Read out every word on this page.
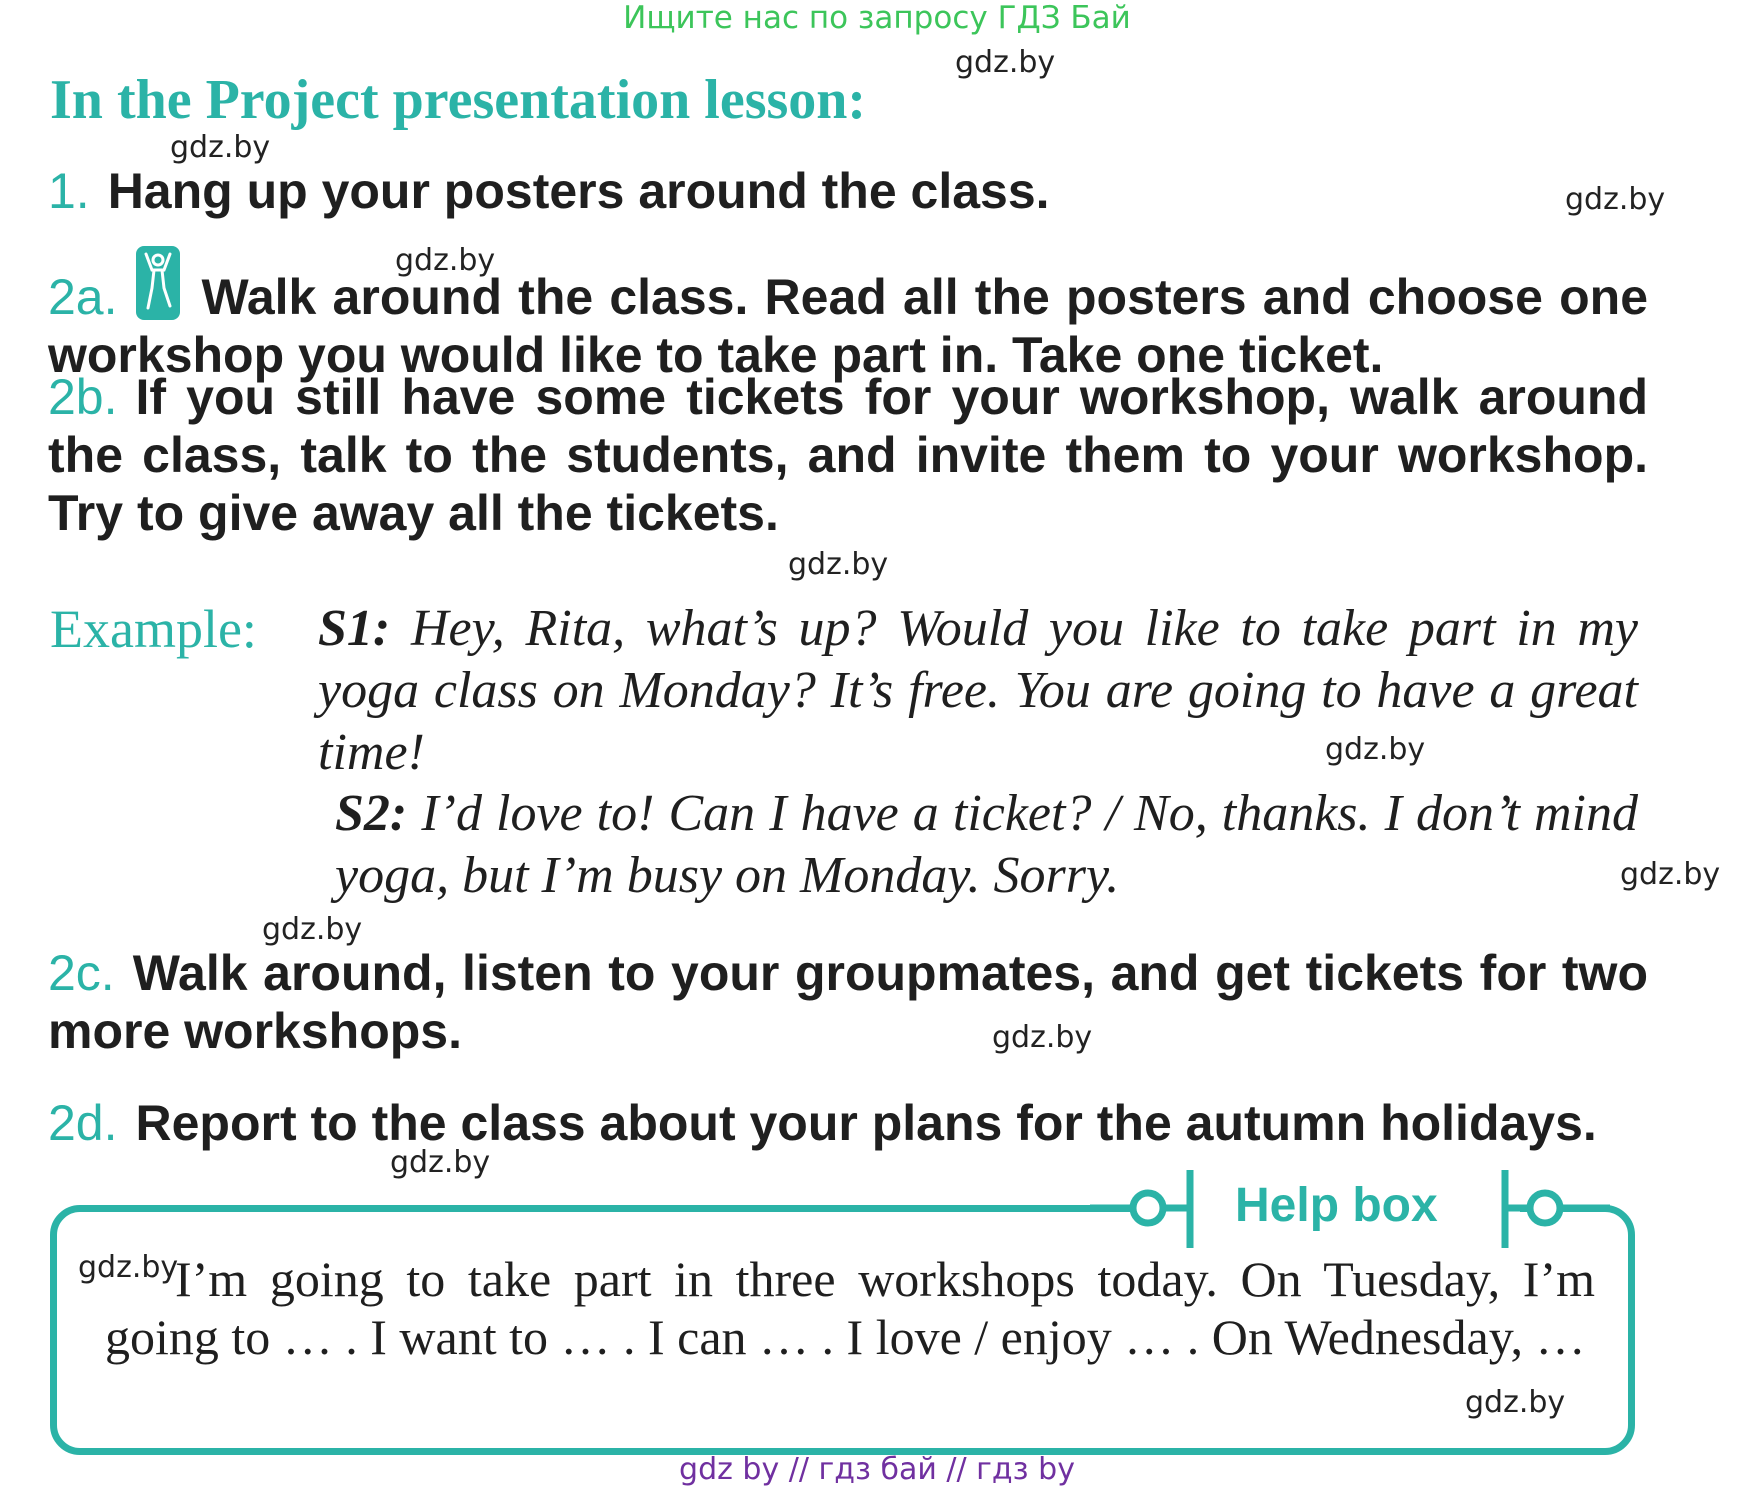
Ищите нас по запросу ГДЗ Бай
In the Project presentation lesson:
1. Hang up your posters around the class.
2a. Walk around the class. Read all the posters and choose one workshop you would like to take part in. Take one ticket.
2b. If you still have some tickets for your workshop, walk around the class, talk to the students, and invite them to your workshop. Try to give away all the tickets.
Example: S1: Hey, Rita, what’s up? Would you like to take part in my yoga class on Monday? It’s free. You are going to have a great time!
S2: I’d love to! Can I have a ticket? / No, thanks. I don’t mind yoga, but I’m busy on Monday. Sorry.
2c. Walk around, listen to your groupmates, and get tickets for two more workshops.
2d. Report to the class about your plans for the autumn holidays.
Help box
I’m going to take part in three workshops today. On Tuesday, I’m going to … . I want to … . I can … . I love / enjoy … . On Wednesday, …
gdz.by
gdz.by
gdz.by
gdz.by
gdz.by
gdz.by
gdz.by
gdz.by
gdz.by
gdz.by
gdz.by
gdz.by
gdz by // гдз бай // гдз by
